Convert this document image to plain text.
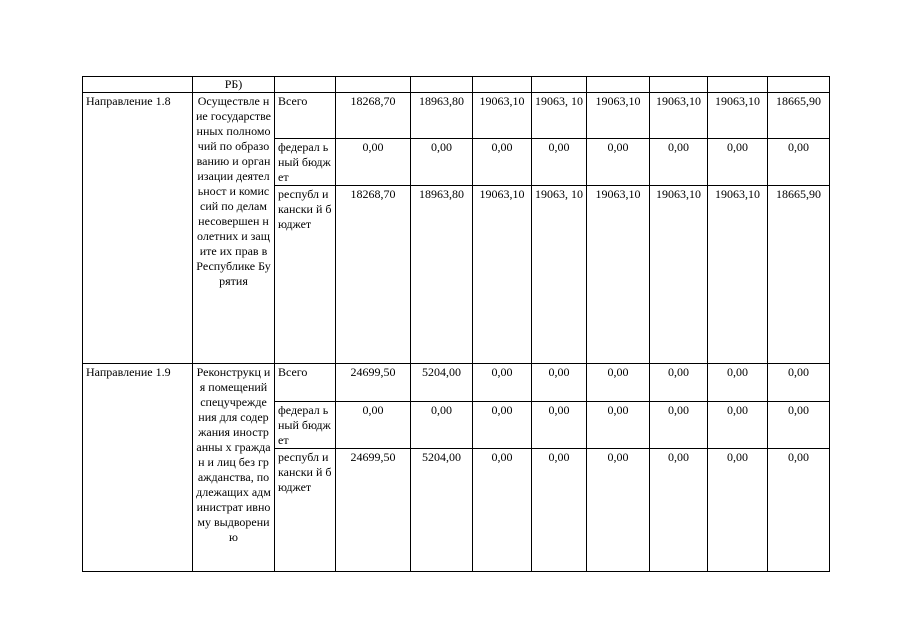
	РБ)									
Направление 1.8	Осуществле ние государстве нных полномочий по образованию и организации деятельност и комиссий по делам несовершен нолетних и защите их прав в Республике Бурятия	Всего	18268,70	18963,80	19063,10	19063, 10	19063,10	19063,10	19063,10	18665,90
		федерал ьный бюджет	0,00	0,00	0,00	0,00	0,00	0,00	0,00	0,00
		республ икански й бюджет	18268,70	18963,80	19063,10	19063, 10	19063,10	19063,10	19063,10	18665,90
Направление 1.9	Реконструкц ия помещений спецучрежде ния для содержания иностранны х граждан и лиц без гражданства, подлежащих администрат ивному выдворению	Всего	24699,50	5204,00	0,00	0,00	0,00	0,00	0,00	0,00
		федерал ьный бюджет	0,00	0,00	0,00	0,00	0,00	0,00	0,00	0,00
		республ икански й бюджет	24699,50	5204,00	0,00	0,00	0,00	0,00	0,00	0,00
